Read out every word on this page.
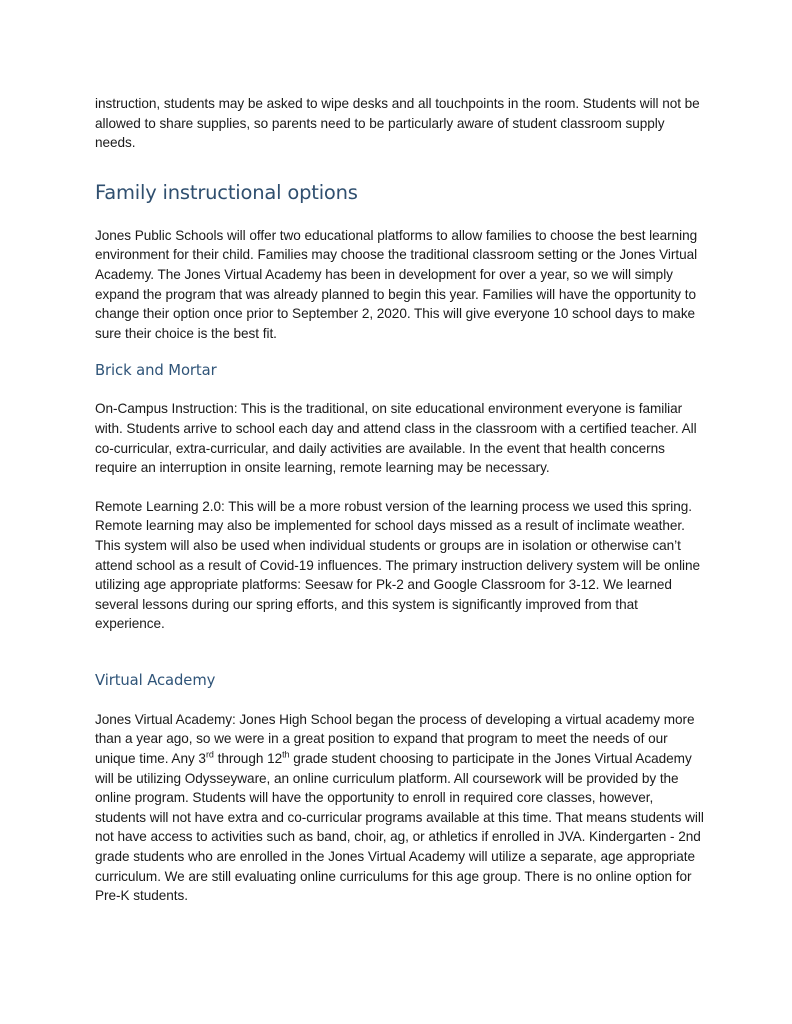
instruction, students may be asked to wipe desks and all touchpoints in the room. Students will not be allowed to share supplies, so parents need to be particularly aware of student classroom supply needs.

Family instructional options

Jones Public Schools will offer two educational platforms to allow families to choose the best learning environment for their child. Families may choose the traditional classroom setting or the Jones Virtual Academy. The Jones Virtual Academy has been in development for over a year, so we will simply expand the program that was already planned to begin this year. Families will have the opportunity to change their option once prior to September 2, 2020. This will give everyone 10 school days to make sure their choice is the best fit.

Brick and Mortar

On-Campus Instruction: This is the traditional, on site educational environment everyone is familiar with. Students arrive to school each day and attend class in the classroom with a certified teacher. All co-curricular, extra-curricular, and daily activities are available. In the event that health concerns require an interruption in onsite learning, remote learning may be necessary.

Remote Learning 2.0: This will be a more robust version of the learning process we used this spring. Remote learning may also be implemented for school days missed as a result of inclimate weather. This system will also be used when individual students or groups are in isolation or otherwise can’t attend school as a result of Covid-19 influences. The primary instruction delivery system will be online utilizing age appropriate platforms: Seesaw for Pk-2 and Google Classroom for 3-12. We learned several lessons during our spring efforts, and this system is significantly improved from that experience.

Virtual Academy

Jones Virtual Academy: Jones High School began the process of developing a virtual academy more than a year ago, so we were in a great position to expand that program to meet the needs of our unique time. Any 3rd through 12th grade student choosing to participate in the Jones Virtual Academy will be utilizing Odysseyware, an online curriculum platform. All coursework will be provided by the online program. Students will have the opportunity to enroll in required core classes, however, students will not have extra and co-curricular programs available at this time. That means students will not have access to activities such as band, choir, ag, or athletics if enrolled in JVA. Kindergarten - 2nd grade students who are enrolled in the Jones Virtual Academy will utilize a separate, age appropriate curriculum. We are still evaluating online curriculums for this age group. There is no online option for Pre-K students.
